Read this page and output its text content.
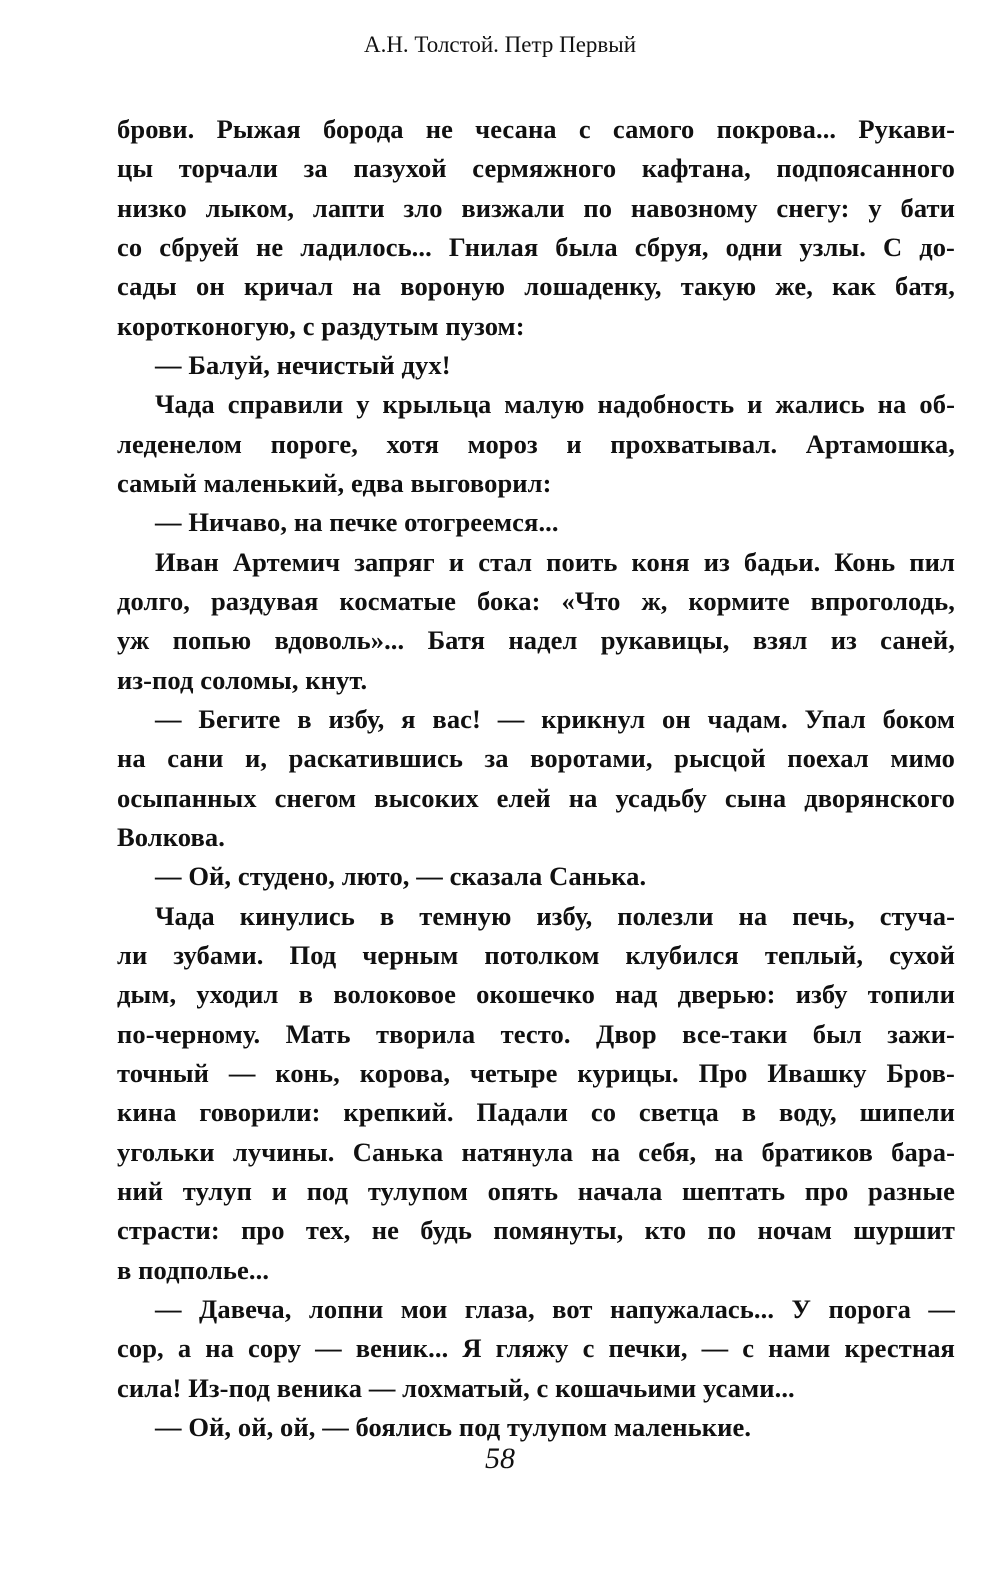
А.Н. Толстой. Петр Первый
брови. Рыжая борода не чесана с самого покрова... Рукави-
цы торчали за пазухой сермяжного кафтана, подпоясанного
низко лыком, лапти зло визжали по навозному снегу: у бати
со сбруей не ладилось... Гнилая была сбруя, одни узлы. С до-
сады он кричал на вороную лошаденку, такую же, как батя,
коротконогую, с раздутым пузом:
— Балуй, нечистый дух!
Чада справили у крыльца малую надобность и жались на об-
леденелом пороге, хотя мороз и прохватывал. Артамошка,
самый маленький, едва выговорил:
— Ничаво, на печке отогреемся...
Иван Артемич запряг и стал поить коня из бадьи. Конь пил
долго, раздувая косматые бока: «Что ж, кормите впроголодь,
уж попью вдоволь»... Батя надел рукавицы, взял из саней,
из-под соломы, кнут.
— Бегите в избу, я вас! — крикнул он чадам. Упал боком
на сани и, раскатившись за воротами, рысцой поехал мимо
осыпанных снегом высоких елей на усадьбу сына дворянского
Волкова.
— Ой, студено, люто, — сказала Санька.
Чада кинулись в темную избу, полезли на печь, стуча-
ли зубами. Под черным потолком клубился теплый, сухой
дым, уходил в волоковое окошечко над дверью: избу топили
по-черному. Мать творила тесто. Двор все-таки был зажи-
точный — конь, корова, четыре курицы. Про Ивашку Бров-
кина говорили: крепкий. Падали со светца в воду, шипели
угольки лучины. Санька натянула на себя, на братиков бара-
ний тулуп и под тулупом опять начала шептать про разные
страсти: про тех, не будь помянуты, кто по ночам шуршит
в подполье...
— Давеча, лопни мои глаза, вот напужалась... У порога —
сор, а на сору — веник... Я гляжу с печки, — с нами крестная
сила! Из-под веника — лохматый, с кошачьими усами...
— Ой, ой, ой, — боялись под тулупом маленькие.
58
